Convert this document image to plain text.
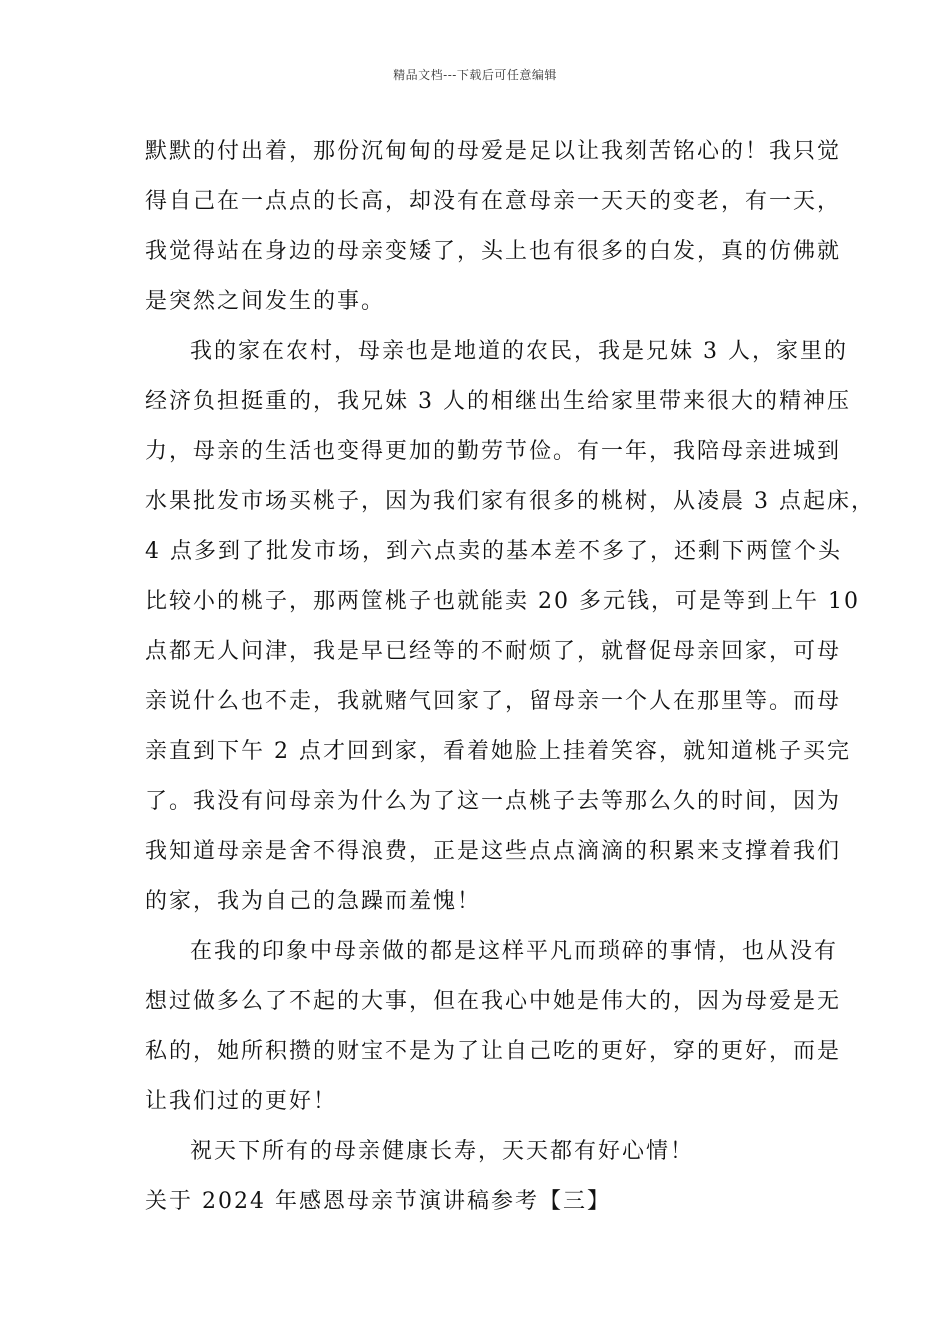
精品文档---下载后可任意编辑
默默的付出着，那份沉甸甸的母爱是足以让我刻苦铭心的！我只觉
得自己在一点点的长高，却没有在意母亲一天天的变老，有一天，
我觉得站在身边的母亲变矮了，头上也有很多的白发，真的仿佛就
是突然之间发生的事。
我的家在农村，母亲也是地道的农民，我是兄妹 3 人，家里的
经济负担挺重的，我兄妹 3 人的相继出生给家里带来很大的精神压
力，母亲的生活也变得更加的勤劳节俭。有一年，我陪母亲进城到
水果批发市场买桃子，因为我们家有很多的桃树，从凌晨 3 点起床，
4 点多到了批发市场，到六点卖的基本差不多了，还剩下两筐个头
比较小的桃子，那两筐桃子也就能卖 20 多元钱，可是等到上午 10
点都无人问津，我是早已经等的不耐烦了，就督促母亲回家，可母
亲说什么也不走，我就赌气回家了，留母亲一个人在那里等。而母
亲直到下午 2 点才回到家，看着她脸上挂着笑容，就知道桃子买完
了。我没有问母亲为什么为了这一点桃子去等那么久的时间，因为
我知道母亲是舍不得浪费，正是这些点点滴滴的积累来支撑着我们
的家，我为自己的急躁而羞愧！
在我的印象中母亲做的都是这样平凡而琐碎的事情，也从没有
想过做多么了不起的大事，但在我心中她是伟大的，因为母爱是无
私的，她所积攒的财宝不是为了让自己吃的更好，穿的更好，而是
让我们过的更好！
祝天下所有的母亲健康长寿，天天都有好心情！
关于 2024 年感恩母亲节演讲稿参考【三】
